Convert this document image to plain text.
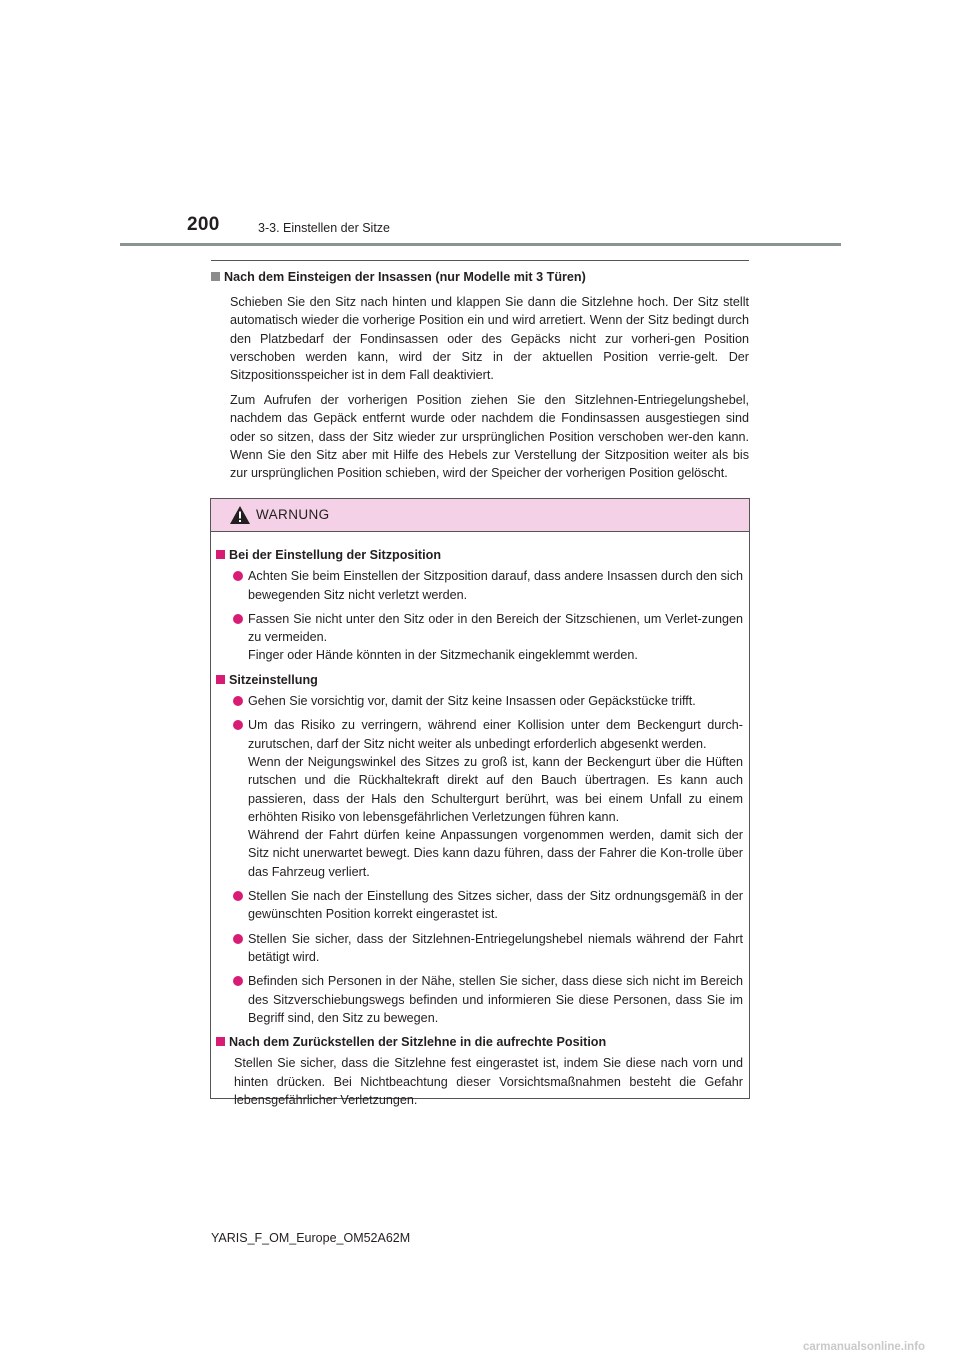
200	3-3. Einstellen der Sitze
Nach dem Einsteigen der Insassen (nur Modelle mit 3 Türen)

Schieben Sie den Sitz nach hinten und klappen Sie dann die Sitzlehne hoch. Der Sitz stellt automatisch wieder die vorherige Position ein und wird arretiert. Wenn der Sitz bedingt durch den Platzbedarf der Fondinsassen oder des Gepäcks nicht zur vorheri-gen Position verschoben werden kann, wird der Sitz in der aktuellen Position verrie-gelt. Der Sitzpositionsspeicher ist in dem Fall deaktiviert.

Zum Aufrufen der vorherigen Position ziehen Sie den Sitzlehnen-Entriegelungshebel, nachdem das Gepäck entfernt wurde oder nachdem die Fondinsassen ausgestiegen sind oder so sitzen, dass der Sitz wieder zur ursprünglichen Position verschoben wer-den kann. Wenn Sie den Sitz aber mit Hilfe des Hebels zur Verstellung der Sitzposition weiter als bis zur ursprünglichen Position schieben, wird der Speicher der vorherigen Position gelöscht.

WARNUNG
Bei der Einstellung der Sitzposition
Achten Sie beim Einstellen der Sitzposition darauf, dass andere Insassen durch den sich bewegenden Sitz nicht verletzt werden.
Fassen Sie nicht unter den Sitz oder in den Bereich der Sitzschienen, um Verlet-zungen zu vermeiden.
Finger oder Hände könnten in der Sitzmechanik eingeklemmt werden.
Sitzeinstellung
Gehen Sie vorsichtig vor, damit der Sitz keine Insassen oder Gepäckstücke trifft.
Um das Risiko zu verringern, während einer Kollision unter dem Beckengurt durch-zurutschen, darf der Sitz nicht weiter als unbedingt erforderlich abgesenkt werden.
Wenn der Neigungswinkel des Sitzes zu groß ist, kann der Beckengurt über die Hüften rutschen und die Rückhaltekraft direkt auf den Bauch übertragen. Es kann auch passieren, dass der Hals den Schultergurt berührt, was bei einem Unfall zu einem erhöhten Risiko von lebensgefährlichen Verletzungen führen kann.
Während der Fahrt dürfen keine Anpassungen vorgenommen werden, damit sich der Sitz nicht unerwartet bewegt. Dies kann dazu führen, dass der Fahrer die Kon-trolle über das Fahrzeug verliert.
Stellen Sie nach der Einstellung des Sitzes sicher, dass der Sitz ordnungsgemäß in der gewünschten Position korrekt eingerastet ist.
Stellen Sie sicher, dass der Sitzlehnen-Entriegelungshebel niemals während der Fahrt betätigt wird.
Befinden sich Personen in der Nähe, stellen Sie sicher, dass diese sich nicht im Bereich des Sitzverschiebungswegs befinden und informieren Sie diese Personen, dass Sie im Begriff sind, den Sitz zu bewegen.
Nach dem Zurückstellen der Sitzlehne in die aufrechte Position

Stellen Sie sicher, dass die Sitzlehne fest eingerastet ist, indem Sie diese nach vorn und hinten drücken. Bei Nichtbeachtung dieser Vorsichtsmaßnahmen besteht die Gefahr lebensgefährlicher Verletzungen.

YARIS_F_OM_Europe_OM52A62M
carmanualsonline.info
